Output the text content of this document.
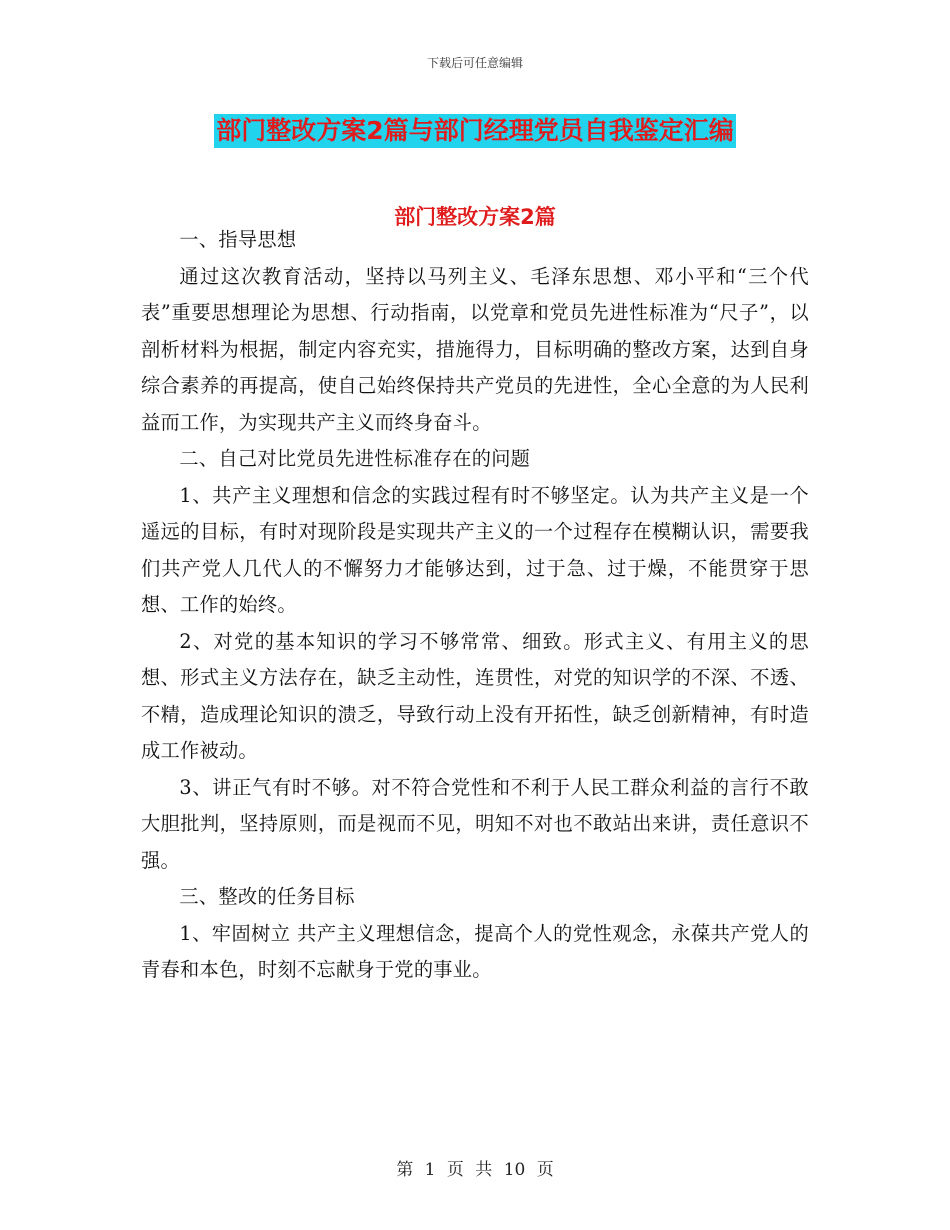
下载后可任意编辑
部门整改方案2篇与部门经理党员自我鉴定汇编
部门整改方案2篇

一、指导思想

通过这次教育活动，坚持以马列主义、毛泽东思想、邓小平和“三个代表”重要思想理论为思想、行动指南，以党章和党员先进性标准为“尺子”，以剖析材料为根据，制定内容充实，措施得力，目标明确的整改方案，达到自身综合素养的再提高，使自己始终保持共产党员的先进性，全心全意的为人民利益而工作，为实现共产主义而终身奋斗。

二、自己对比党员先进性标准存在的问题

1、共产主义理想和信念的实践过程有时不够坚定。认为共产主义是一个遥远的目标，有时对现阶段是实现共产主义的一个过程存在模糊认识，需要我们共产党人几代人的不懈努力才能够达到，过于急、过于燥，不能贯穿于思想、工作的始终。

2、对党的基本知识的学习不够常常、细致。形式主义、有用主义的思想、形式主义方法存在，缺乏主动性，连贯性，对党的知识学的不深、不透、不精，造成理论知识的溃乏，导致行动上没有开拓性，缺乏创新精神，有时造成工作被动。

3、讲正气有时不够。对不符合党性和不利于人民工群众利益的言行不敢大胆批判，坚持原则，而是视而不见，明知不对也不敢站出来讲，责任意识不强。

三、整改的任务目标

1、牢固树立 共产主义理想信念，提高个人的党性观念，永葆共产党人的青春和本色，时刻不忘献身于党的事业。

第 1 页 共 10 页
